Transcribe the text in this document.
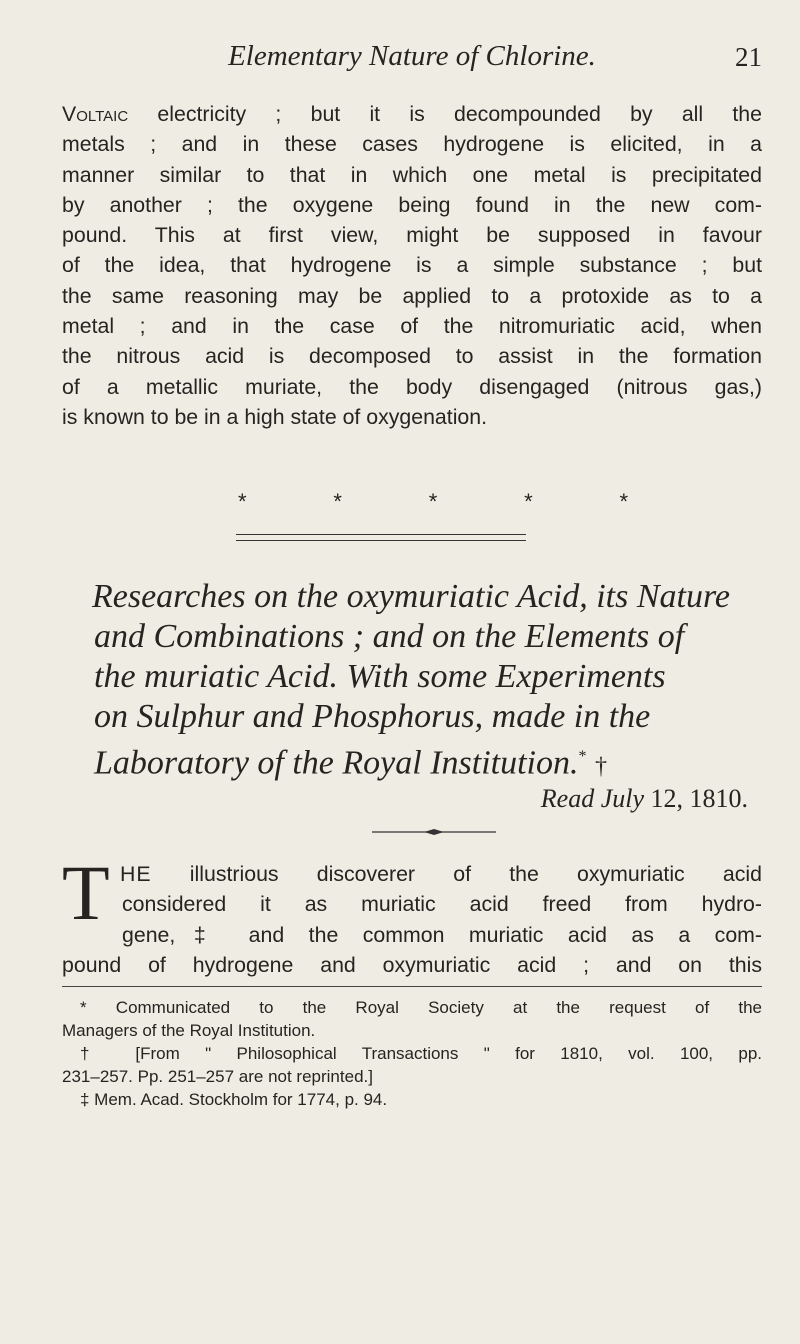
Elementary Nature of Chlorine.	21
Voltaic electricity ; but it is decompounded by all the
metals ; and in these cases hydrogene is elicited, in a
manner similar to that in which one metal is precipitated
by another ; the oxygene being found in the new com-
pound. This at first view, might be supposed in favour
of the idea, that hydrogene is a simple substance ; but
the same reasoning may be applied to a protoxide as to a
metal ; and in the case of the nitromuriatic acid, when
the nitrous acid is decomposed to assist in the formation
of a metallic muriate, the body disengaged (nitrous gas,)
is known to be in a high state of oxygenation.
*	*	*	*	*
Researches on the oxymuriatic Acid, its Nature
and Combinations ; and on the Elements of
the muriatic Acid. With some Experiments
on Sulphur and Phosphorus, made in the
Laboratory of the Royal Institution.* †
Read July 12, 1810.
T HE illustrious discoverer of the oxymuriatic acid
considered it as muriatic acid freed from hydro-
gene,‡ and the common muriatic acid as a com-
pound of hydrogene and oxymuriatic acid ; and on this
* Communicated to the Royal Society at the request of the
Managers of the Royal Institution.
† [From " Philosophical Transactions " for 1810, vol. 100, pp.
231–257. Pp. 251–257 are not reprinted.]
‡ Mem. Acad. Stockholm for 1774, p. 94.
